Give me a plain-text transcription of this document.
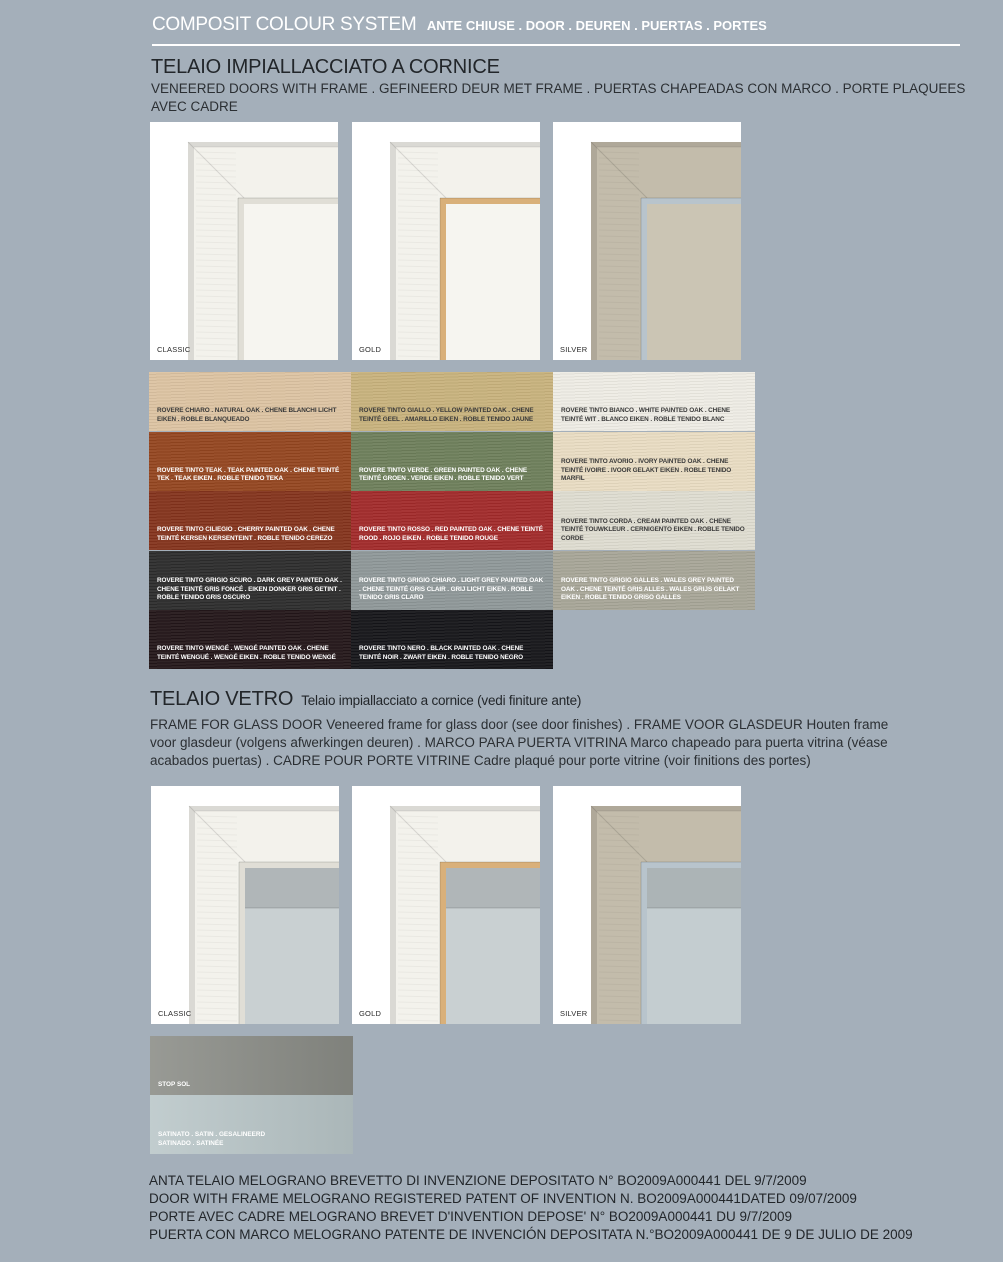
COMPOSIT COLOUR SYSTEM ANTE CHIUSE . DOOR . DEUREN . PUERTAS . PORTES
TELAIO IMPIALLACCIATO A CORNICE
VENEERED DOORS WITH FRAME . GEFINEERD DEUR MET FRAME . PUERTAS CHAPEADAS CON MARCO . PORTE PLAQUEES AVEC CADRE
CLASSIC	GOLD	SILVER
ROVERE CHIARO . NATURAL OAK . CHENE BLANCHI LICHT EIKEN . ROBLE BLANQUEADO
ROVERE TINTO GIALLO . YELLOW PAINTED OAK . CHENE TEINTÉ GEEL . AMARILLO EIKEN . ROBLE TENIDO JAUNE
ROVERE TINTO BIANCO . WHITE PAINTED OAK . CHENE TEINTÉ WIT . BLANCO EIKEN . ROBLE TENIDO BLANC
ROVERE TINTO TEAK . TEAK PAINTED OAK . CHENE TEINTÉ TEK . TEAK EIKEN . ROBLE TENIDO TEKA
ROVERE TINTO VERDE . GREEN PAINTED OAK . CHENE TEINTÉ GROEN . VERDE EIKEN . ROBLE TENIDO VERT
ROVERE TINTO AVORIO . IVORY PAINTED OAK . CHENE TEINTÉ IVOIRE . IVOOR GELAKT EIKEN . ROBLE TENIDO MARFIL
ROVERE TINTO CILIEGIO . CHERRY PAINTED OAK . CHENE TEINTÉ KERSEN KERSENTEINT . ROBLE TENIDO CEREZO
ROVERE TINTO ROSSO . RED PAINTED OAK . CHENE TEINTÉ ROOD . ROJO EIKEN . ROBLE TENIDO ROUGE
ROVERE TINTO CORDA . CREAM PAINTED OAK . CHENE TEINTÉ TOUWKLEUR . CERNIGENTO EIKEN . ROBLE TENIDO CORDE
ROVERE TINTO GRIGIO SCURO . DARK GREY PAINTED OAK . CHENE TEINTÉ GRIS FONCÉ . EIKEN DONKER GRIS GETINT . ROBLE TENIDO GRIS OSCURO
ROVERE TINTO GRIGIO CHIARO . LIGHT GREY PAINTED OAK . CHENE TEINTÉ GRIS CLAIR . GRIJ LICHT EIKEN . ROBLE TENIDO GRIS CLARO
ROVERE TINTO GRIGIO GALLES . WALES GREY PAINTED OAK . CHENE TEINTÉ GRIS ALLES . WALES GRIJS GELAKT EIKEN . ROBLE TENIDO GRISO GALLES
ROVERE TINTO WENGÉ . WENGÉ PAINTED OAK . CHENE TEINTÉ WENGUÉ . WENGÉ EIKEN . ROBLE TENIDO WENGÉ
ROVERE TINTO NERO . BLACK PAINTED OAK . CHENE TEINTÉ NOIR . ZWART EIKEN . ROBLE TENIDO NEGRO
TELAIO VETRO Telaio impiallacciato a cornice (vedi finiture ante)
FRAME FOR GLASS DOOR Veneered frame for glass door (see door finishes) . FRAME VOOR GLASDEUR Houten frame
voor glasdeur (volgens afwerkingen deuren) . MARCO PARA PUERTA VITRINA Marco chapeado para puerta vitrina (véase
acabados puertas) . CADRE POUR PORTE VITRINE Cadre plaqué pour porte vitrine (voir finitions des portes)
CLASSIC	GOLD	SILVER
STOP SOL
SATINATO . SATIN . GESALINEERD SATINADO . SATINÉE
ANTA TELAIO MELOGRANO BREVETTO DI INVENZIONE DEPOSITATO N° BO2009A000441 DEL 9/7/2009
DOOR WITH FRAME MELOGRANO REGISTERED PATENT OF INVENTION N. BO2009A000441DATED 09/07/2009
PORTE AVEC CADRE MELOGRANO BREVET D'INVENTION DEPOSE' N° BO2009A000441 DU 9/7/2009
PUERTA CON MARCO MELOGRANO PATENTE DE INVENCIÓN DEPOSITATA N.°BO2009A000441 DE 9 DE JULIO DE 2009
